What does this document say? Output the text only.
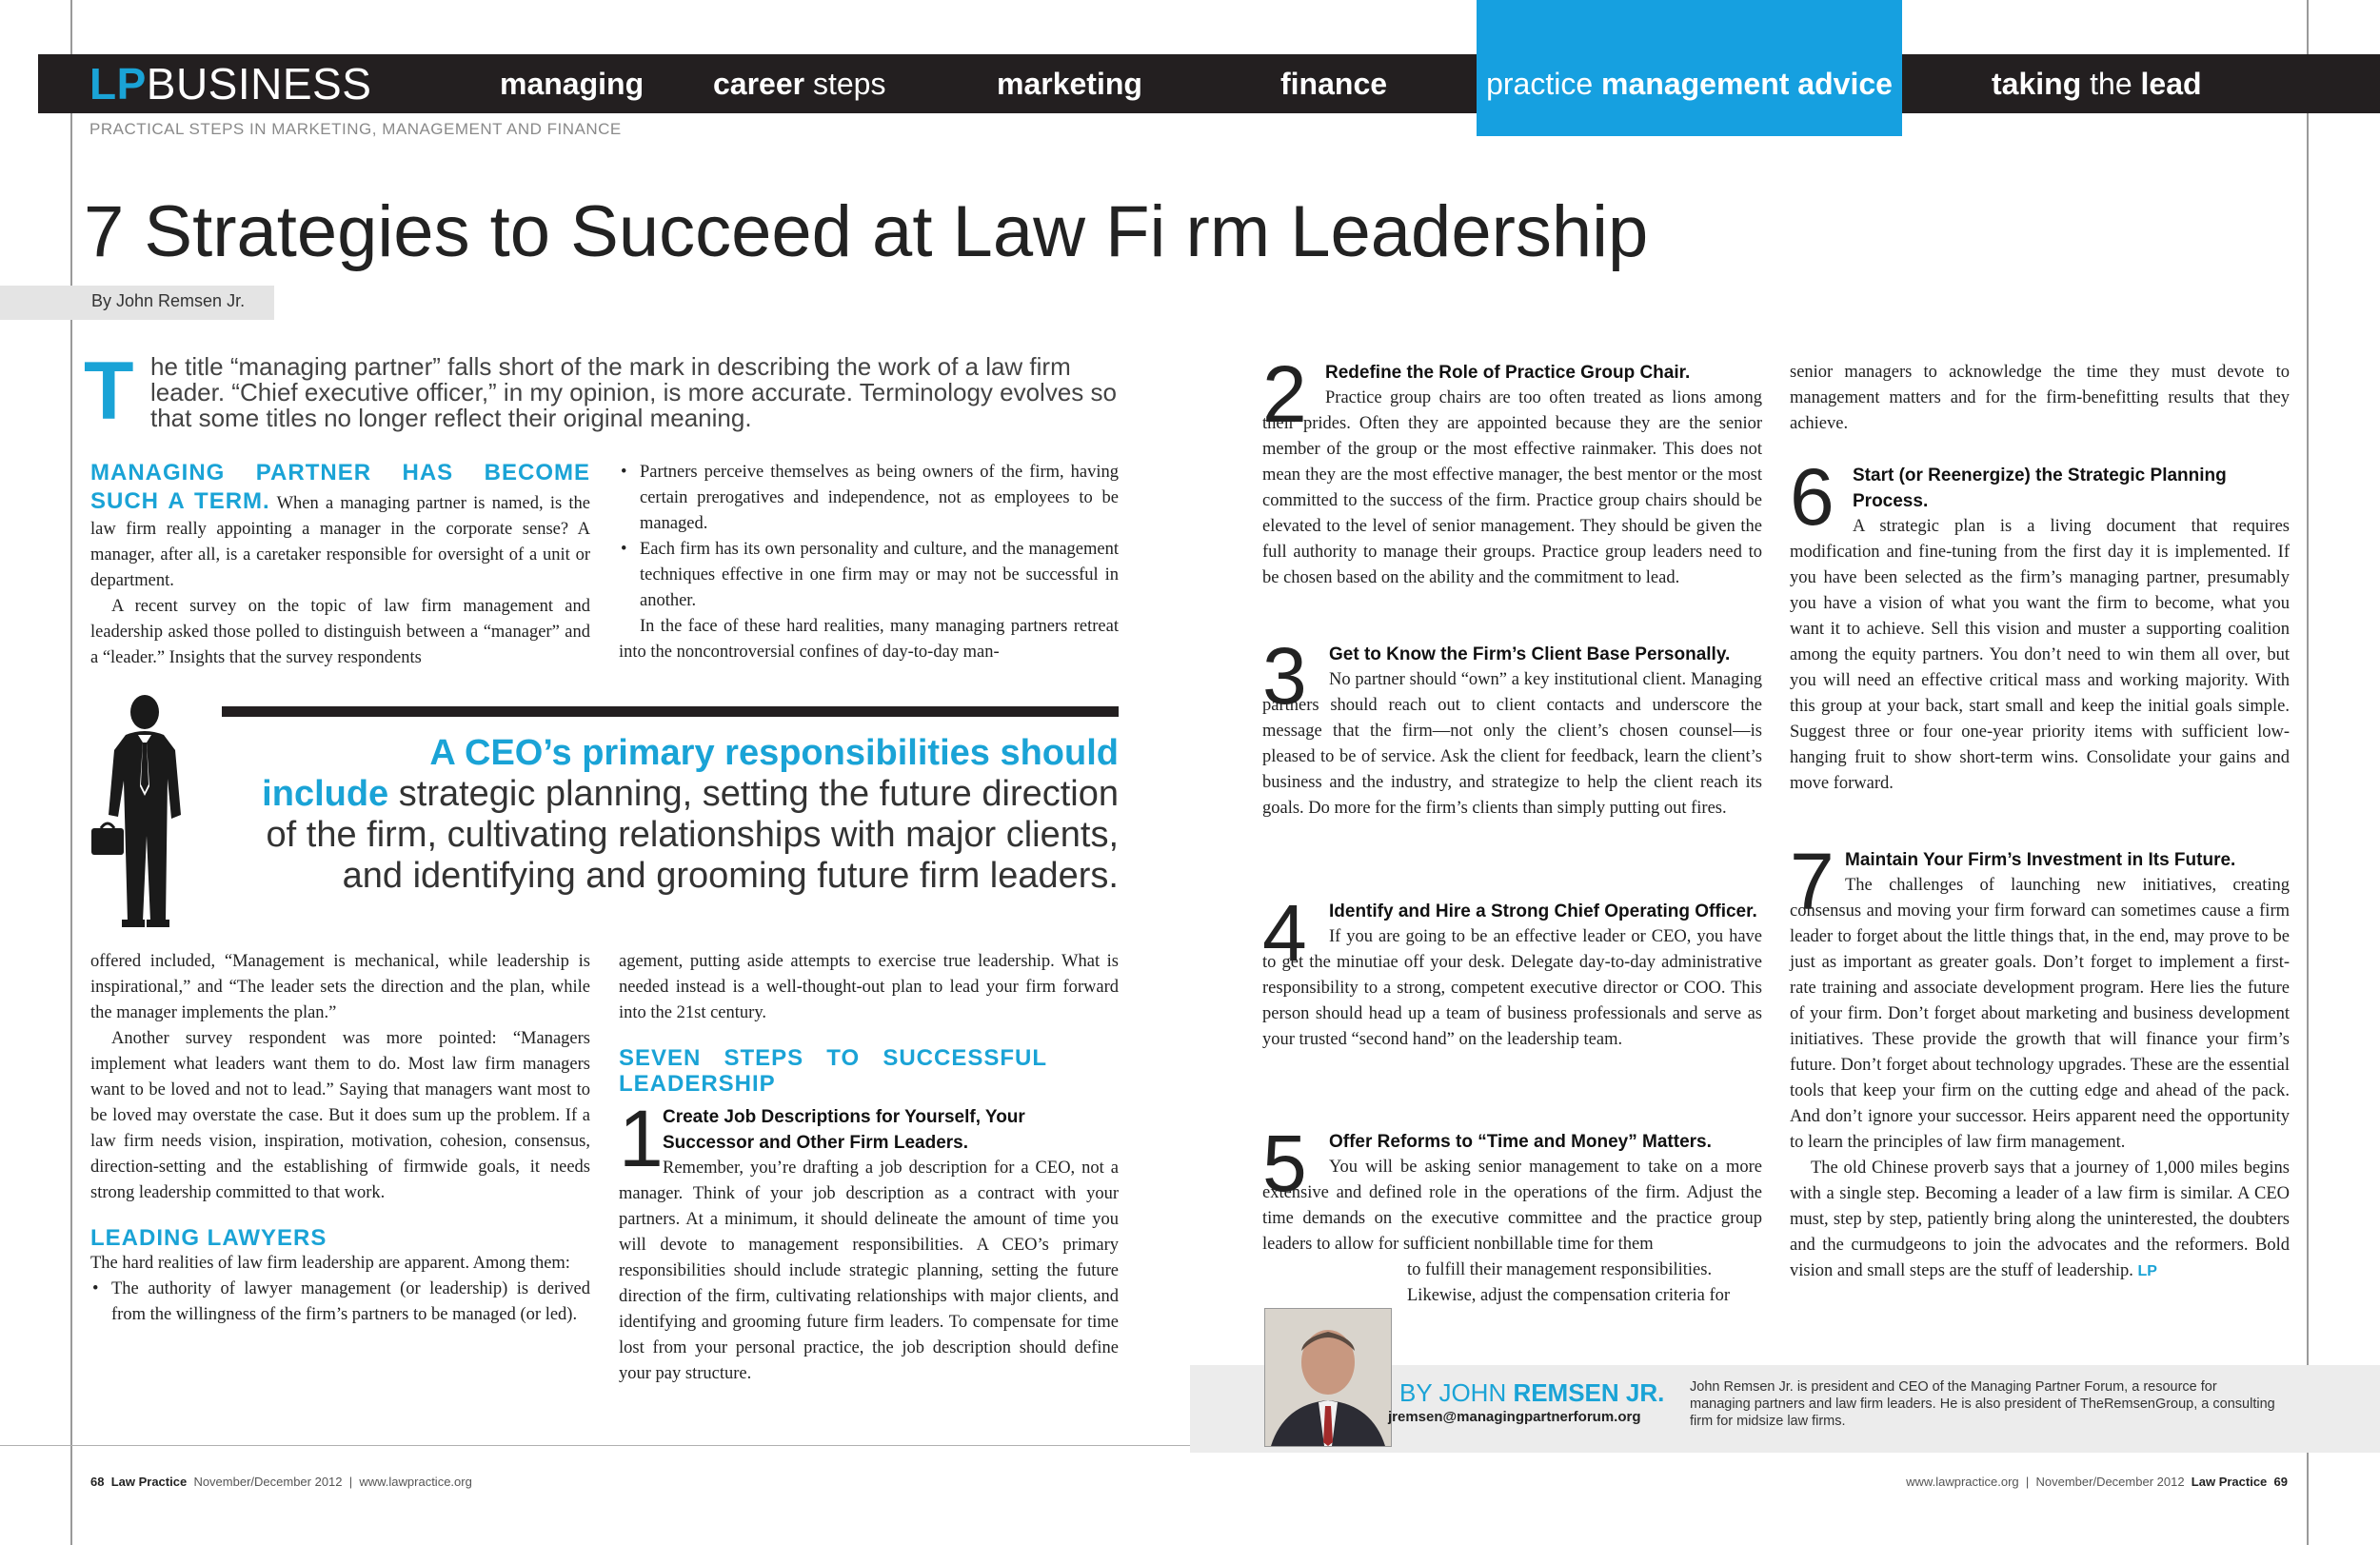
LPBUSINESS	managing career steps	marketing	finance	practice management advice	taking the lead
PRACTICAL STEPS IN MARKETING, MANAGEMENT AND FINANCE
7 Strategies to Succeed at Law Fi rm Leadership
By John Remsen Jr.
T he title “managing partner” falls short of the mark in describing the work of a law firm leader. “Chief executive officer,” in my opinion, is more accurate. Terminology evolves so that some titles no longer reflect their original meaning.

MANAGING PARTNER HAS BECOME SUCH A TERM. When a managing partner is named, is the law firm really appointing a manager in the corporate sense? A manager, after all, is a caretaker responsible for oversight of a unit or department.

A recent survey on the topic of law firm management and leadership asked those polled to distinguish between a “manager” and a “leader.” Insights that the survey respondents

• Partners perceive themselves as being owners of the firm, having certain prerogatives and independence, not as employees to be managed.
• Each firm has its own personality and culture, and the management techniques effective in one firm may or may not be successful in another.

In the face of these hard realities, many managing partners retreat into the noncontroversial confines of day-to-day man-

A CEO’s primary responsibilities should
include strategic planning, setting the future direction
of the firm, cultivating relationships with major clients,
and identifying and grooming future firm leaders.

offered included, “Management is mechanical, while leadership is inspirational,” and “The leader sets the direction and the plan, while the manager implements the plan.”

Another survey respondent was more pointed: “Managers implement what leaders want them to do. Most law firm managers want to be loved and not to lead.” Saying that managers want most to be loved may overstate the case. But it does sum up the problem. If a law firm needs vision, inspiration, motivation, cohesion, consensus, direction-setting and the establishing of firmwide goals, it needs strong leadership committed to that work.

LEADING LAWYERS

The hard realities of law firm leadership are apparent. Among them:

• The authority of lawyer management (or leadership) is derived from the willingness of the firm’s partners to be managed (or led).

agement, putting aside attempts to exercise true leadership. What is needed instead is a well-thought-out plan to lead your firm forward into the 21st century.

SEVEN STEPS TO SUCCESSFUL LEADERSHIP
1 Create Job Descriptions for Yourself, Your Successor and Other Firm Leaders.
Remember, you’re drafting a job description for a CEO, not a manager. Think of your job description as a contract with your partners. At a minimum, it should delineate the amount of time you will devote to management responsibilities. A CEO’s primary responsibilities should include strategic planning, setting the future direction of the firm, cultivating relationships with major clients, and identifying and grooming future firm leaders. To compensate for time lost from your personal practice, the job description should define your pay structure.
2	Redefine the Role of Practice Group Chair.
Practice group chairs are too often treated as lions among their prides. Often they are appointed because they are the senior member of the group or the most effective rainmaker. This does not mean they are the most effective manager, the best mentor or the most committed to the success of the firm. Practice group chairs should be elevated to the level of senior management. They should be given the full authority to manage their groups. Practice group leaders need to be chosen based on the ability and the commitment to lead.
3	Get to Know the Firm’s Client Base Personally.
No partner should “own” a key institutional client. Managing partners should reach out to client contacts and underscore the message that the firm—not only the client’s chosen counsel—is pleased to be of service. Ask the client for feedback, learn the client’s business and the industry, and strategize to help the client reach its goals. Do more for the firm’s clients than simply putting out fires.
4	Identify and Hire a Strong Chief Operating Officer.
If you are going to be an effective leader or CEO, you have to get the minutiae off your desk. Delegate day-to-day administrative responsibility to a strong, competent executive director or COO. This person should head up a team of business professionals and serve as your trusted “second hand” on the leadership team.
5	Offer Reforms to “Time and Money” Matters.
You will be asking senior management to take on a more extensive and defined role in the operations of the firm. Adjust the time demands on the executive committee and the practice group leaders to allow for sufficient nonbillable time for them
to fulfill their management responsibilities.
Likewise, adjust the compensation criteria for

senior managers to acknowledge the time they must devote to management matters and for the firm-benefitting results that they achieve.

6	Start (or Reenergize) the Strategic Planning Process.
A strategic plan is a living document that requires modification and fine-tuning from the first day it is implemented. If you have been selected as the firm’s managing partner, presumably you have a vision of what you want the firm to become, what you want it to achieve. Sell this vision and muster a supporting coalition among the equity partners. You don’t need to win them all over, but you will need an effective critical mass and working majority. With this group at your back, start small and keep the initial goals simple. Suggest three or four one-year priority items with sufficient low-hanging fruit to show short-term wins. Consolidate your gains and move forward.
7 Maintain Your Firm’s Investment in Its Future.
The challenges of launching new initiatives, creating consensus and moving your firm forward can sometimes cause a firm leader to forget about the little things that, in the end, may prove to be just as important as greater goals. Don’t forget to implement a first-rate training and associate development program. Here lies the future of your firm. Don’t forget about marketing and business development initiatives. These provide the growth that will finance your firm’s future. Don’t forget about technology upgrades. These are the essential tools that keep your firm on the cutting edge and ahead of the pack. And don’t ignore your successor. Heirs apparent need the opportunity to learn the principles of law firm management.
The old Chinese proverb says that a journey of 1,000 miles begins with a single step. Becoming a leader of a law firm is similar. A CEO must, step by step, patiently bring along the uninterested, the doubters and the curmudgeons to join the advocates and the reformers. Bold vision and small steps are the stuff of leadership. LP
BY JOHN REMSEN JR.
jremsen@managingpartnerforum.org
John Remsen Jr. is president and CEO of the Managing Partner Forum, a resource for managing partners and law firm leaders. He is also president of TheRemsenGroup, a consulting firm for midsize law firms.
68 Law Practice November/December 2012  |  www.lawpractice.org	www.lawpractice.org  |  November/December 2012 Law Practice 69
